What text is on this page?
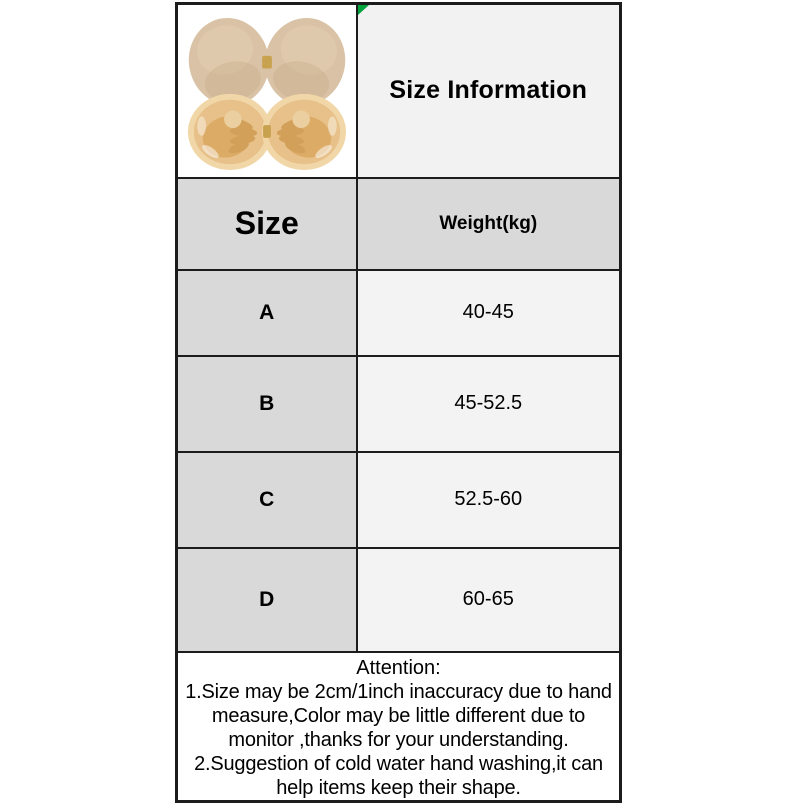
Size Information
Size	Weight(kg)
A	40-45
B	45-52.5
C	52.5-60
D	60-65

Attention:

1.Size may be 2cm/1inch inaccuracy due to hand measure,Color may be little different due to monitor ,thanks for your understanding.

2.Suggestion of cold water hand washing,it can help items keep their shape.	
